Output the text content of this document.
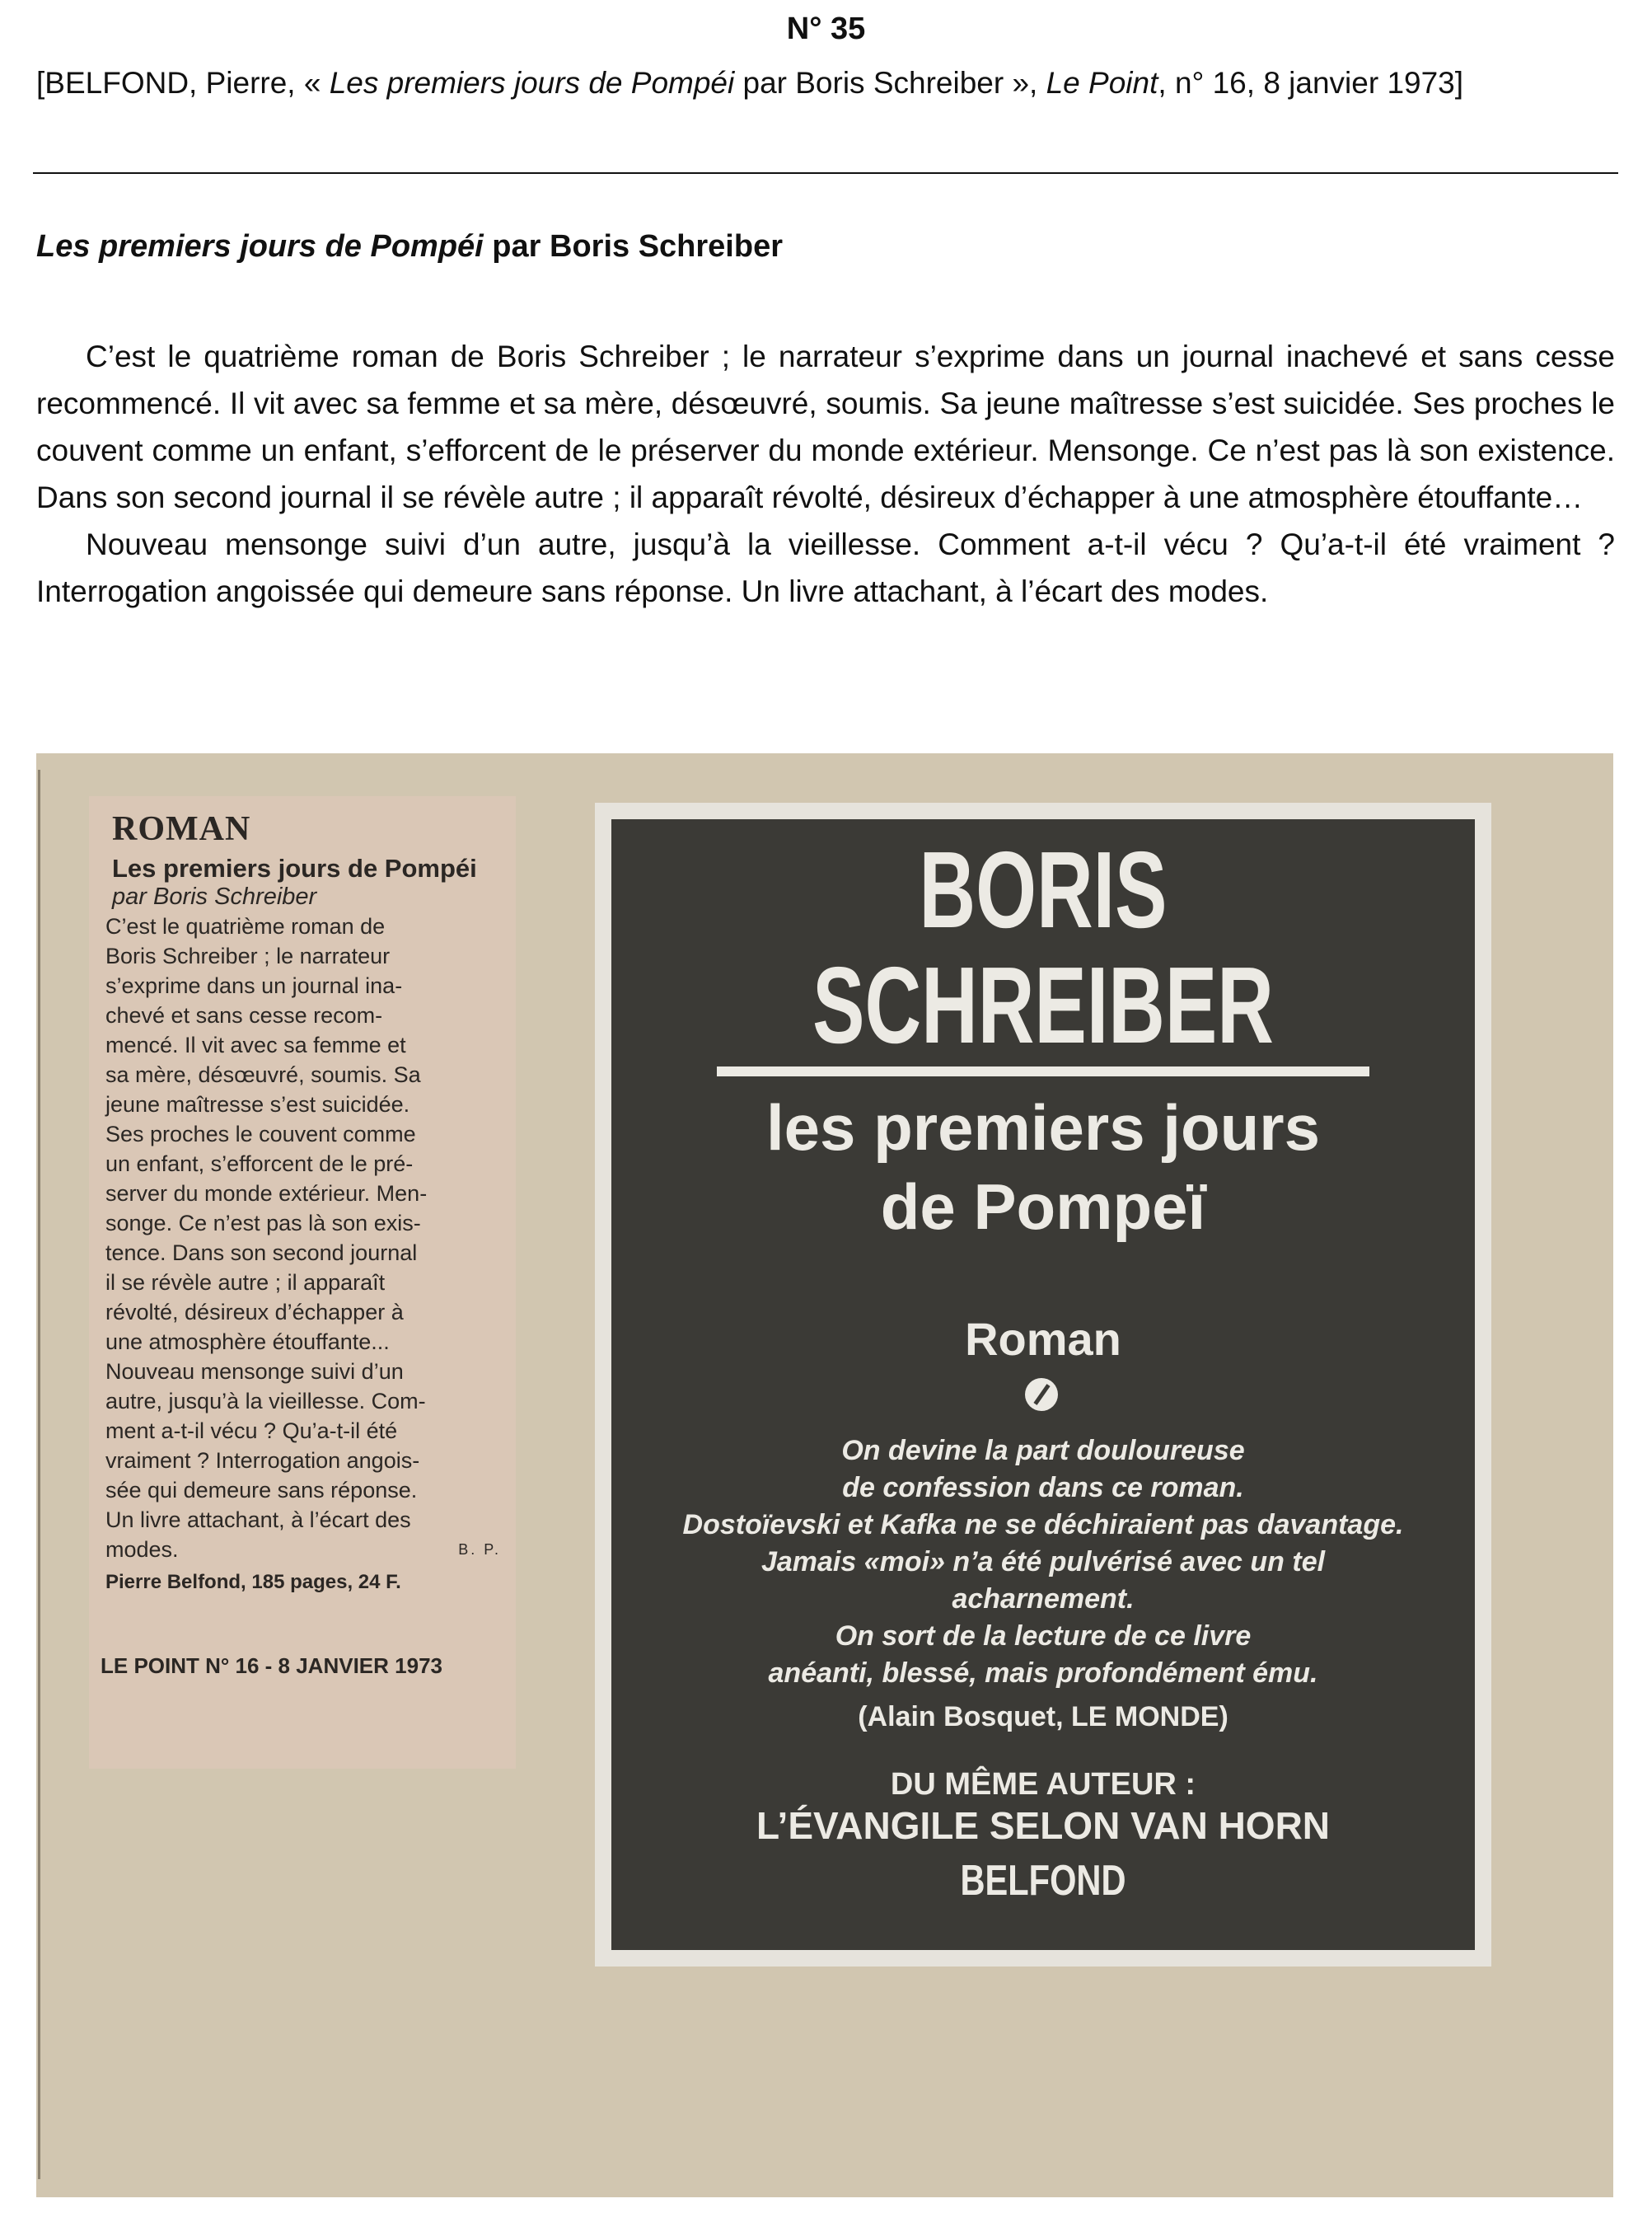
N° 35
[BELFOND, Pierre, « Les premiers jours de Pompéi par Boris Schreiber », Le Point, n° 16, 8 janvier 1973]
Les premiers jours de Pompéi par Boris Schreiber

C’est le quatrième roman de Boris Schreiber ; le narrateur s’exprime dans un journal inachevé et sans cesse recommencé. Il vit avec sa femme et sa mère, désœuvré, soumis. Sa jeune maîtresse s’est suicidée. Ses proches le couvent comme un enfant, s’efforcent de le préserver du monde extérieur. Mensonge. Ce n’est pas là son existence. Dans son second journal il se révèle autre ; il apparaît révolté, désireux d’échapper à une atmosphère étouffante…

Nouveau mensonge suivi d’un autre, jusqu’à la vieillesse. Comment a-t-il vécu ? Qu’a-t-il été vraiment ? Interrogation angoissée qui demeure sans réponse. Un livre attachant, à l’écart des modes.

ROMAN
Les premiers jours de Pompéi
par Boris Schreiber
C’est le quatrième roman de
Boris Schreiber ; le narrateur
s’exprime dans un journal ina-
chevé et sans cesse recom-
mencé. Il vit avec sa femme et
sa mère, désœuvré, soumis. Sa
jeune maîtresse s’est suicidée.
Ses proches le couvent comme
un enfant, s’efforcent de le pré-
server du monde extérieur. Men-
songe. Ce n’est pas là son exis-
tence. Dans son second journal
il se révèle autre ; il apparaît
révolté, désireux d’échapper à
une atmosphère étouffante...
Nouveau mensonge suivi d’un
autre, jusqu’à la vieillesse. Com-
ment a-t-il vécu ? Qu’a-t-il été
vraiment ? Interrogation angois-
sée qui demeure sans réponse.
Un livre attachant, à l’écart des
modes.	B. P.
Pierre Belfond, 185 pages, 24 F.
LE POINT N° 16 - 8 JANVIER 1973
BORIS
SCHREIBER
les premiers jours
de Pompeï
Roman
On devine la part douloureuse
de confession dans ce roman.
Dostoïevski et Kafka ne se déchiraient pas davantage.
Jamais «moi» n’a été pulvérisé avec un tel
acharnement.
On sort de la lecture de ce livre
anéanti, blessé, mais profondément ému.
(Alain Bosquet, LE MONDE)
DU MÊME AUTEUR :
L’ÉVANGILE SELON VAN HORN
BELFOND
